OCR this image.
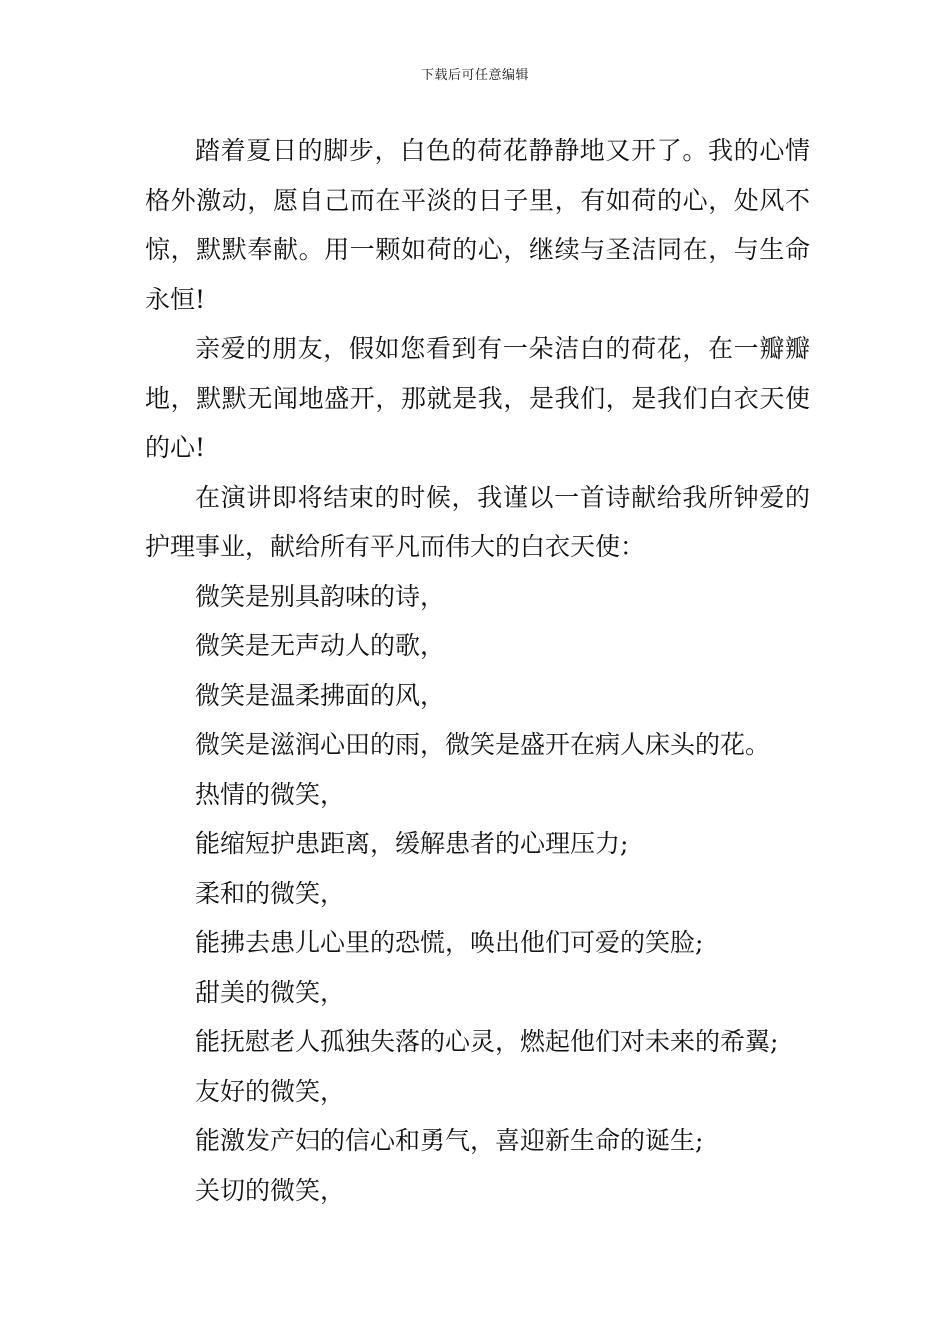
下载后可任意编辑

踏着夏日的脚步，白色的荷花静静地又开了。我的心情格外激动，愿自己而在平淡的日子里，有如荷的心，处风不惊，默默奉献。用一颗如荷的心，继续与圣洁同在，与生命永恒!

亲爱的朋友，假如您看到有一朵洁白的荷花，在一瓣瓣地，默默无闻地盛开，那就是我，是我们，是我们白衣天使的心!

在演讲即将结束的时候，我谨以一首诗献给我所钟爱的护理事业，献给所有平凡而伟大的白衣天使：

微笑是别具韵味的诗，

微笑是无声动人的歌，

微笑是温柔拂面的风，

微笑是滋润心田的雨，微笑是盛开在病人床头的花。

热情的微笑，

能缩短护患距离，缓解患者的心理压力;

柔和的微笑，

能拂去患儿心里的恐慌，唤出他们可爱的笑脸;

甜美的微笑，

能抚慰老人孤独失落的心灵，燃起他们对未来的希翼;

友好的微笑，

能激发产妇的信心和勇气，喜迎新生命的诞生;

关切的微笑，
